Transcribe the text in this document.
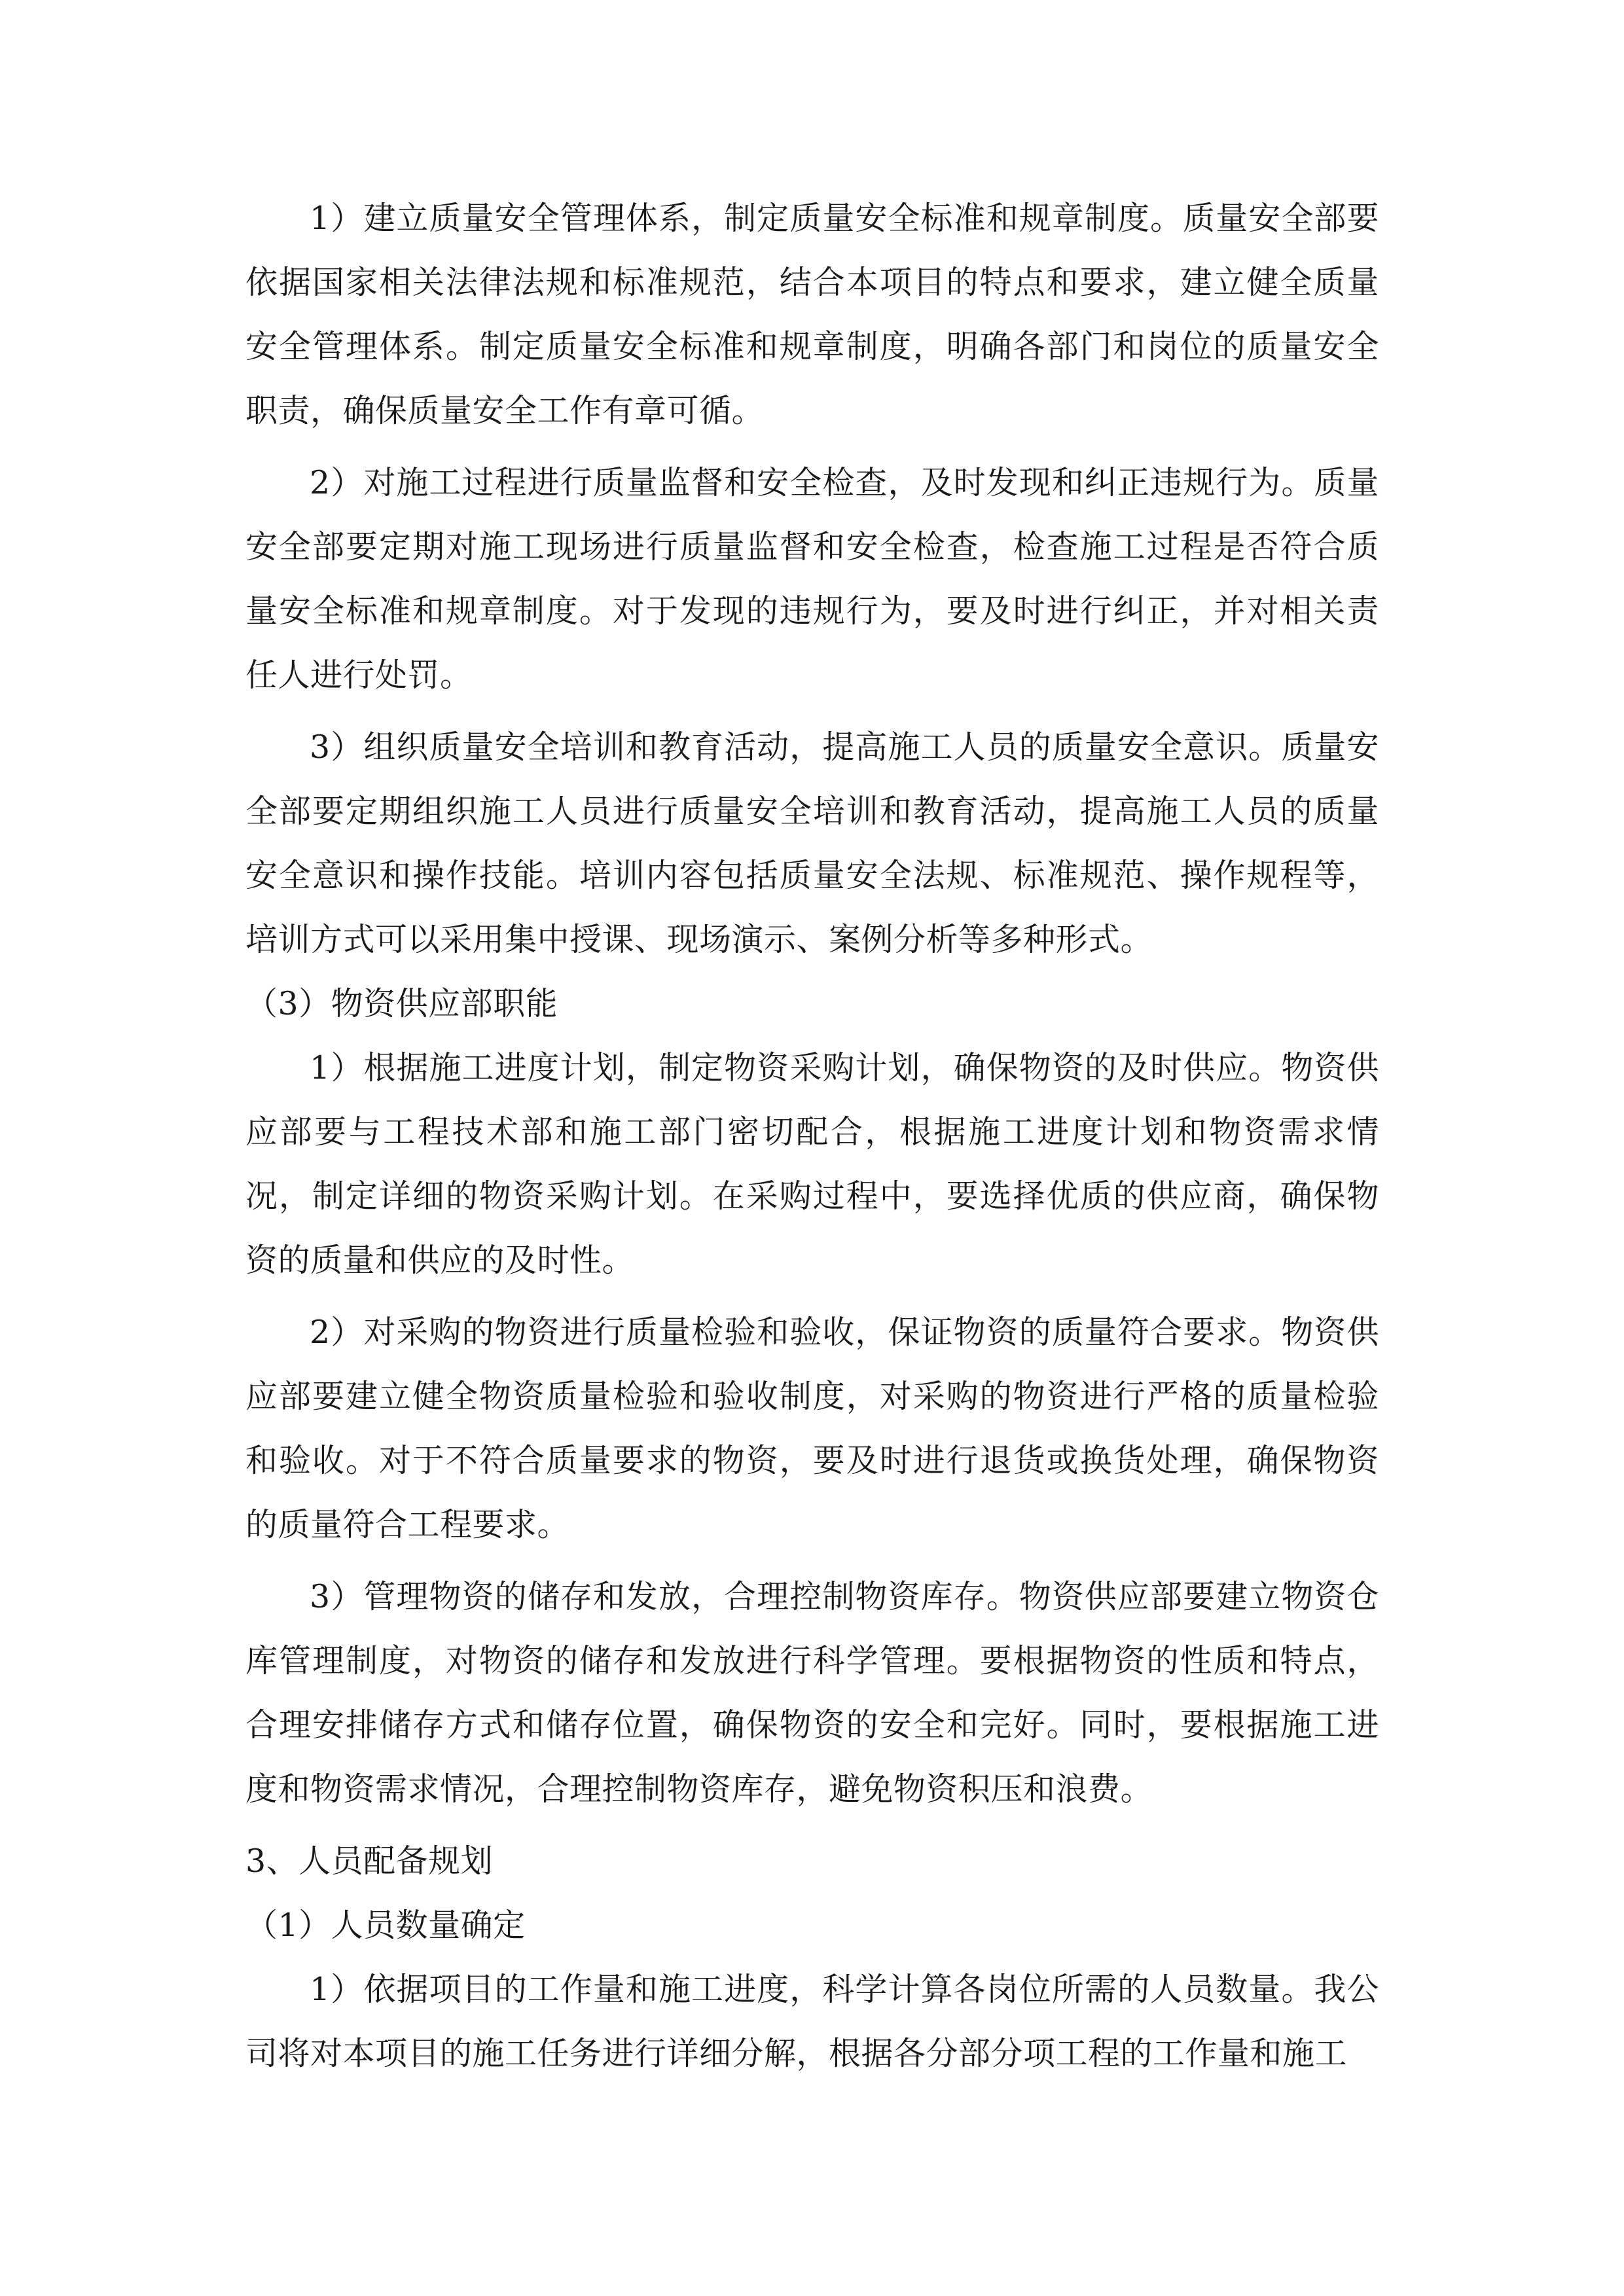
1）建立质量安全管理体系，制定质量安全标准和规章制度。质量安全部要依据国家相关法律法规和标准规范，结合本项目的特点和要求，建立健全质量安全管理体系。制定质量安全标准和规章制度，明确各部门和岗位的质量安全职责，确保质量安全工作有章可循。

2）对施工过程进行质量监督和安全检查，及时发现和纠正违规行为。质量安全部要定期对施工现场进行质量监督和安全检查，检查施工过程是否符合质量安全标准和规章制度。对于发现的违规行为，要及时进行纠正，并对相关责任人进行处罚。

3）组织质量安全培训和教育活动，提高施工人员的质量安全意识。质量安全部要定期组织施工人员进行质量安全培训和教育活动，提高施工人员的质量安全意识和操作技能。培训内容包括质量安全法规、标准规范、操作规程等，培训方式可以采用集中授课、现场演示、案例分析等多种形式。

（3）物资供应部职能

1）根据施工进度计划，制定物资采购计划，确保物资的及时供应。物资供应部要与工程技术部和施工部门密切配合，根据施工进度计划和物资需求情况，制定详细的物资采购计划。在采购过程中，要选择优质的供应商，确保物资的质量和供应的及时性。

2）对采购的物资进行质量检验和验收，保证物资的质量符合要求。物资供应部要建立健全物资质量检验和验收制度，对采购的物资进行严格的质量检验和验收。对于不符合质量要求的物资，要及时进行退货或换货处理，确保物资的质量符合工程要求。

3）管理物资的储存和发放，合理控制物资库存。物资供应部要建立物资仓库管理制度，对物资的储存和发放进行科学管理。要根据物资的性质和特点，合理安排储存方式和储存位置，确保物资的安全和完好。同时，要根据施工进度和物资需求情况，合理控制物资库存，避免物资积压和浪费。

3、人员配备规划

（1）人员数量确定

1）依据项目的工作量和施工进度，科学计算各岗位所需的人员数量。我公司将对本项目的施工任务进行详细分解，根据各分部分项工程的工作量和施工
